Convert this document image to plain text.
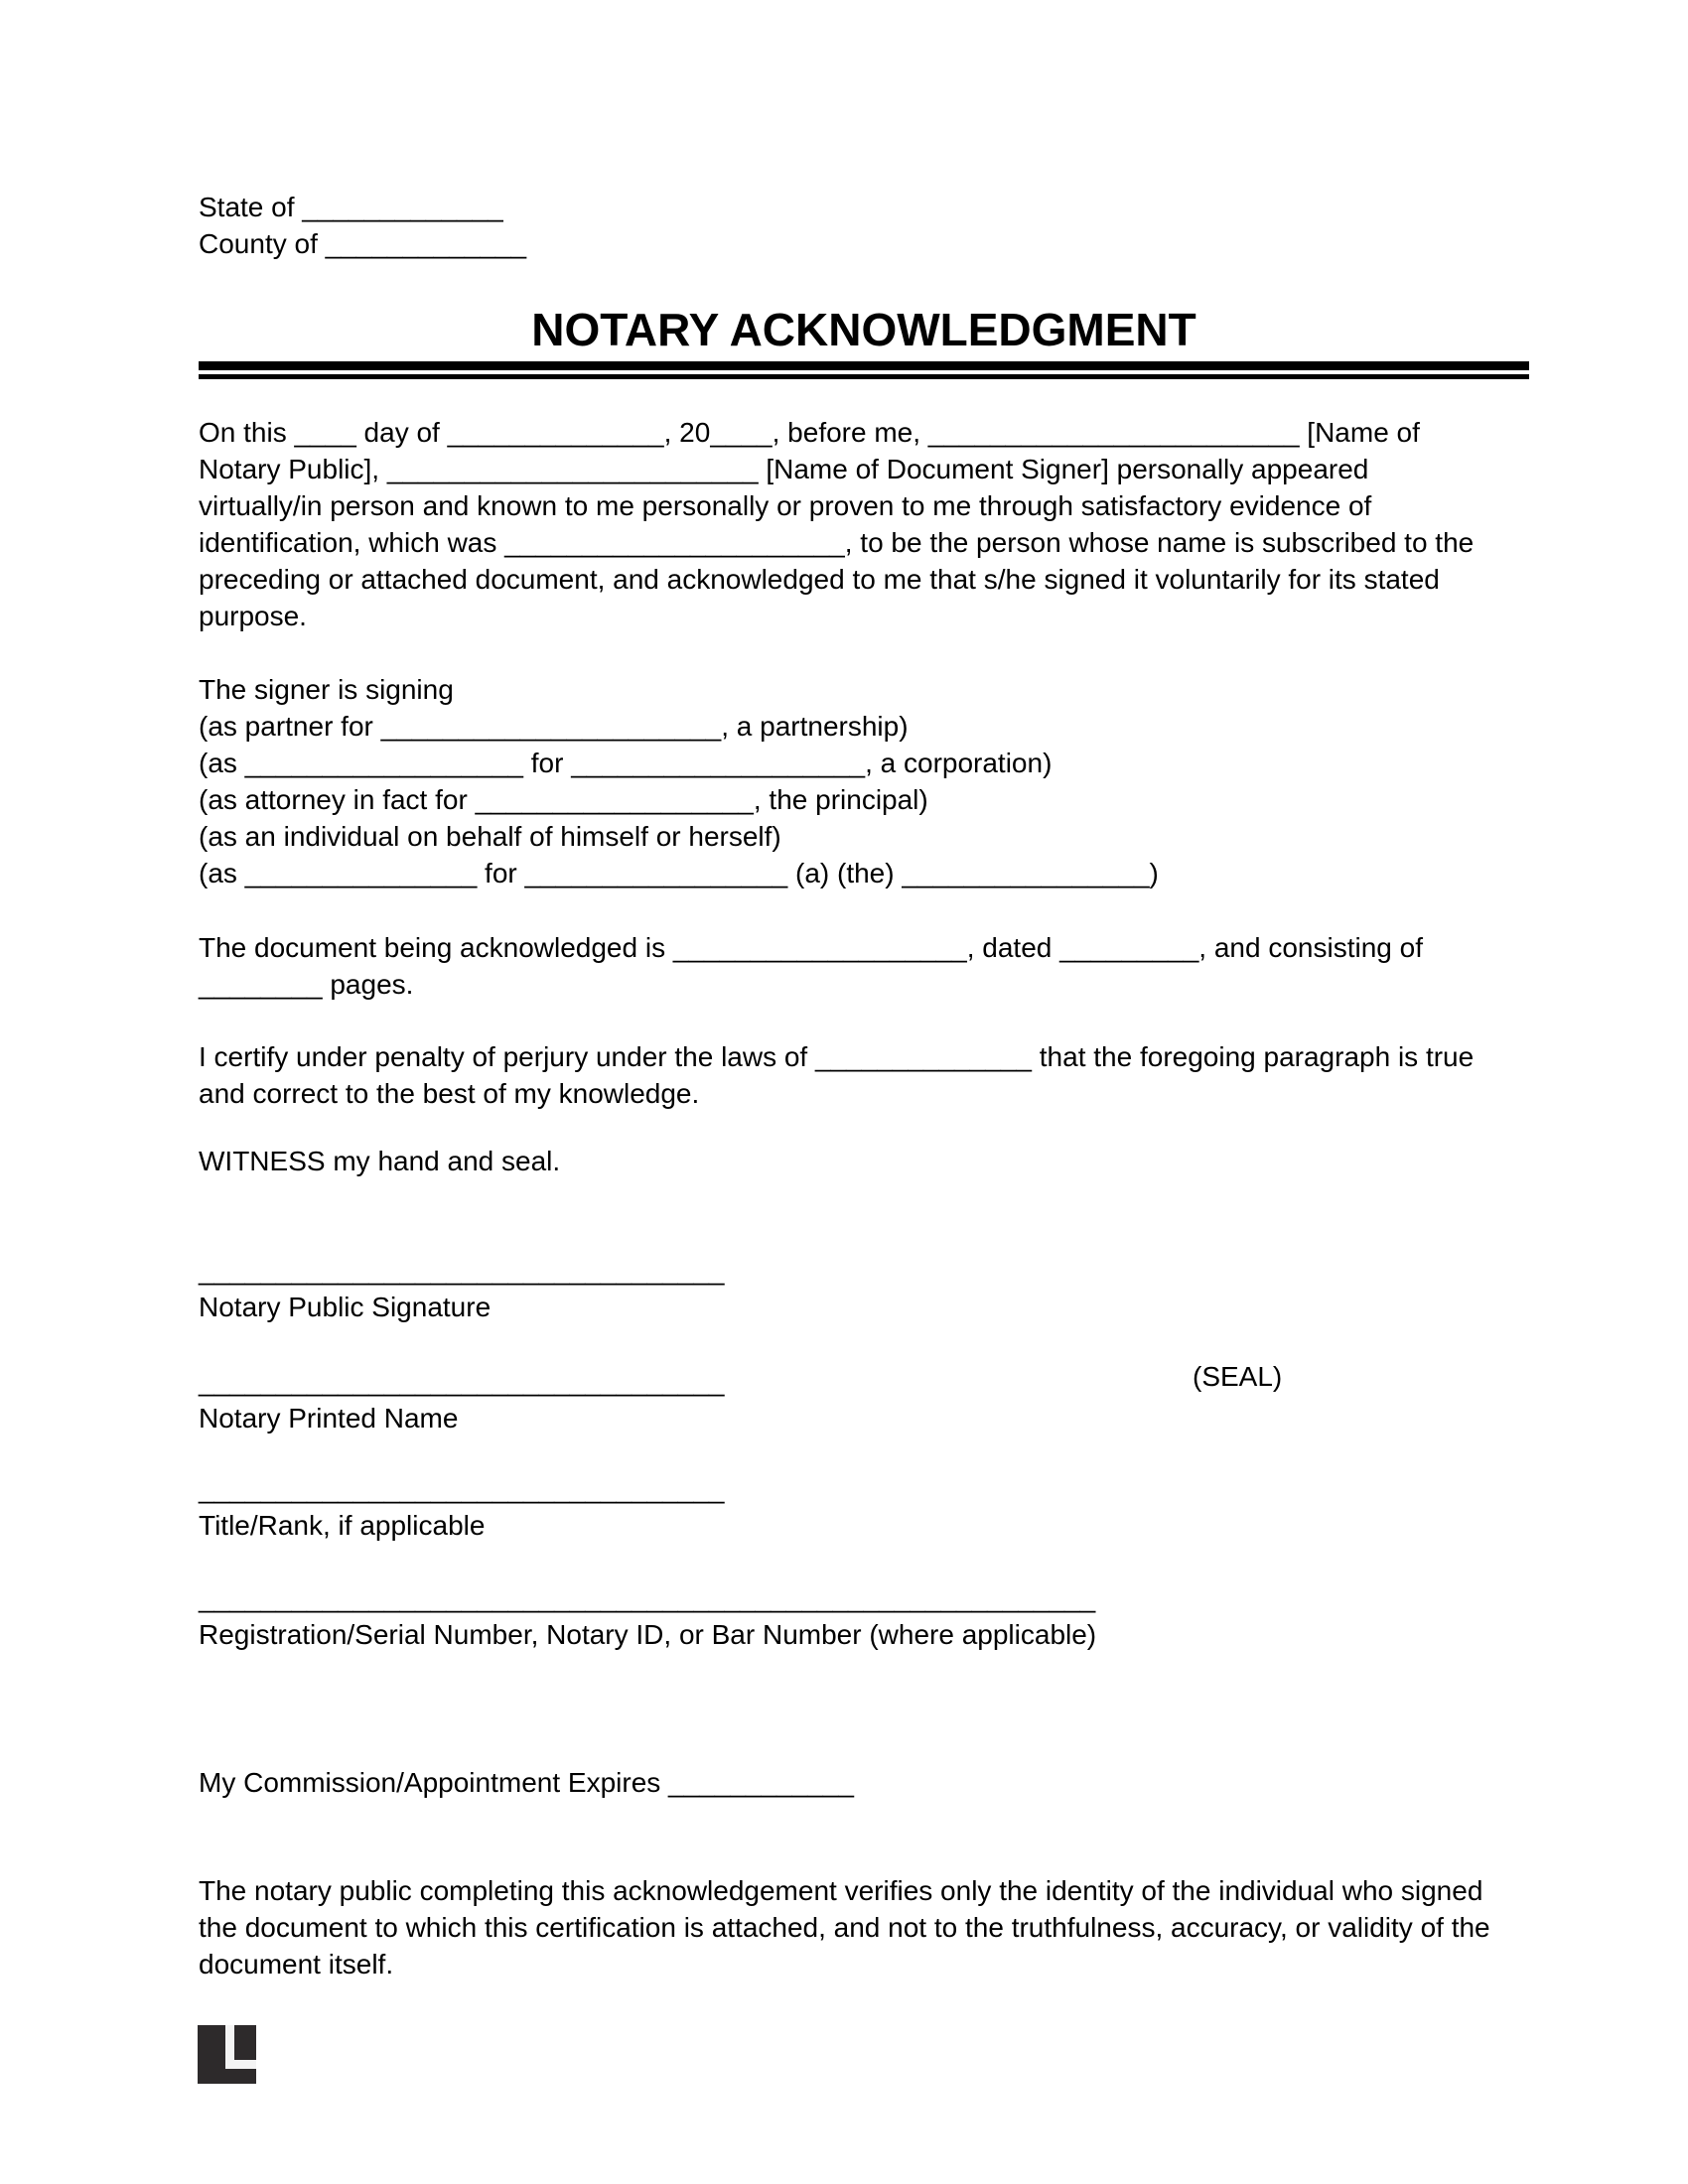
State of _____________
County of _____________
NOTARY ACKNOWLEDGMENT
On this ____ day of ______________, 20____, before me, ________________________ [Name of
Notary Public], ________________________ [Name of Document Signer] personally appeared
virtually/in person and known to me personally or proven to me through satisfactory evidence of
identification, which was ______________________, to be the person whose name is subscribed to the
preceding or attached document, and acknowledged to me that s/he signed it voluntarily for its stated
purpose.
The signer is signing
(as partner for ______________________, a partnership)
(as __________________ for ___________________, a corporation)
(as attorney in fact for __________________, the principal)
(as an individual on behalf of himself or herself)
(as _______________ for _________________ (a) (the) ________________)
The document being acknowledged is ___________________, dated _________, and consisting of
________ pages.
I certify under penalty of perjury under the laws of ______________ that the foregoing paragraph is true
and correct to the best of my knowledge.
WITNESS my hand and seal.
__________________________________
Notary Public Signature
(SEAL)
__________________________________
Notary Printed Name
__________________________________
Title/Rank, if applicable
__________________________________________________________
Registration/Serial Number, Notary ID, or Bar Number (where applicable)
My Commission/Appointment Expires ____________
The notary public completing this acknowledgement verifies only the identity of the individual who signed
the document to which this certification is attached, and not to the truthfulness, accuracy, or validity of the
document itself.
